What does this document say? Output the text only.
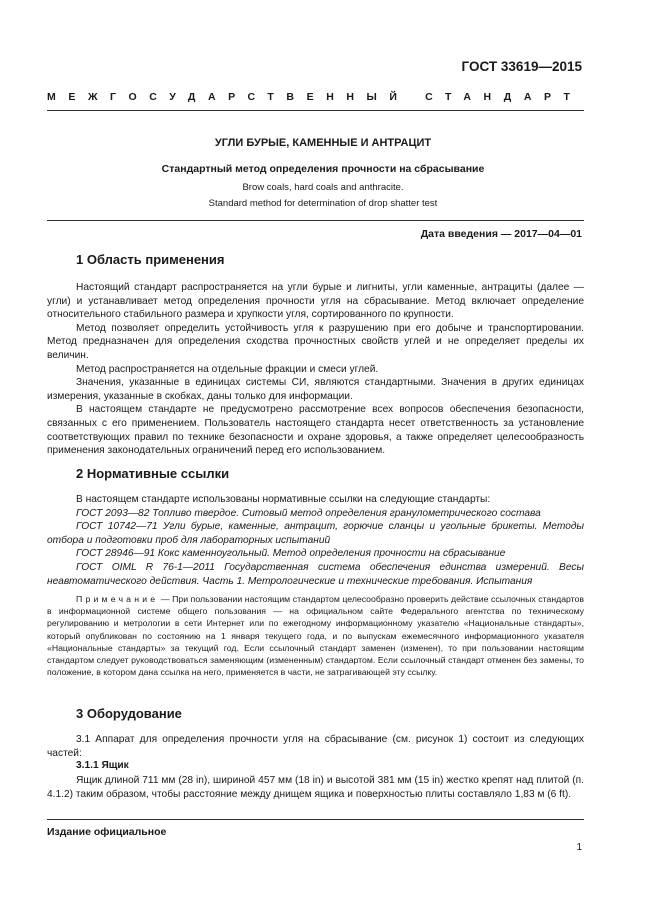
ГОСТ 33619—2015
МЕЖГОСУДАРСТВЕННЫЙ СТАНДАРТ
УГЛИ БУРЫЕ, КАМЕННЫЕ И АНТРАЦИТ
Стандартный метод определения прочности на сбрасывание
Brow coals, hard coals and anthracite.
Standard method for determination of drop shatter test
Дата введения — 2017—04—01
1 Область применения

Настоящий стандарт распространяется на угли бурые и лигниты, угли каменные, антрациты (далее — угли) и устанавливает метод определения прочности угля на сбрасывание. Метод включает определение относительного стабильного размера и хрупкости угля, сортированного по крупности.

Метод позволяет определить устойчивость угля к разрушению при его добыче и транспортировании. Метод предназначен для определения сходства прочностных свойств углей и не определяет пределы их величин.

Метод распространяется на отдельные фракции и смеси углей.

Значения, указанные в единицах системы СИ, являются стандартными. Значения в других единицах измерения, указанные в скобках, даны только для информации.

В настоящем стандарте не предусмотрено рассмотрение всех вопросов обеспечения безопасности, связанных с его применением. Пользователь настоящего стандарта несет ответственность за установление соответствующих правил по технике безопасности и охране здоровья, а также определяет целесообразность применения законодательных ограничений перед его использованием.

2 Нормативные ссылки

В настоящем стандарте использованы нормативные ссылки на следующие стандарты:

ГОСТ 2093—82 Топливо твердое. Ситовый метод определения гранулометрического состава

ГОСТ 10742—71 Угли бурые, каменные, антрацит, горючие сланцы и угольные брикеты. Методы отбора и подготовки проб для лабораторных испытаний

ГОСТ 28946—91 Кокс каменноугольный. Метод определения прочности на сбрасывание

ГОСТ OIML R 76-1—2011 Государственная система обеспечения единства измерений. Весы неавтоматического действия. Часть 1. Метрологические и технические требования. Испытания

Примечание — При пользовании настоящим стандартом целесообразно проверить действие ссылочных стандартов в информационной системе общего пользования — на официальном сайте Федерального агентства по техническому регулированию и метрологии в сети Интернет или по ежегодному информационному указателю «Национальные стандарты», который опубликован по состоянию на 1 января текущего года, и по выпускам ежемесячного информационного указателя «Национальные стандарты» за текущий год. Если ссылочный стандарт заменен (изменен), то при пользовании настоящим стандартом следует руководствоваться заменяющим (измененным) стандартом. Если ссылочный стандарт отменен без замены, то положение, в котором дана ссылка на него, применяется в части, не затрагивающей эту ссылку.

3 Оборудование

3.1 Аппарат для определения прочности угля на сбрасывание (см. рисунок 1) состоит из следующих частей:

3.1.1 Ящик

Ящик длиной 711 мм (28 in), шириной 457 мм (18 in) и высотой 381 мм (15 in) жестко крепят над плитой (п. 4.1.2) таким образом, чтобы расстояние между днищем ящика и поверхностью плиты составляло 1,83 м (6 ft).

Издание официальное
1
